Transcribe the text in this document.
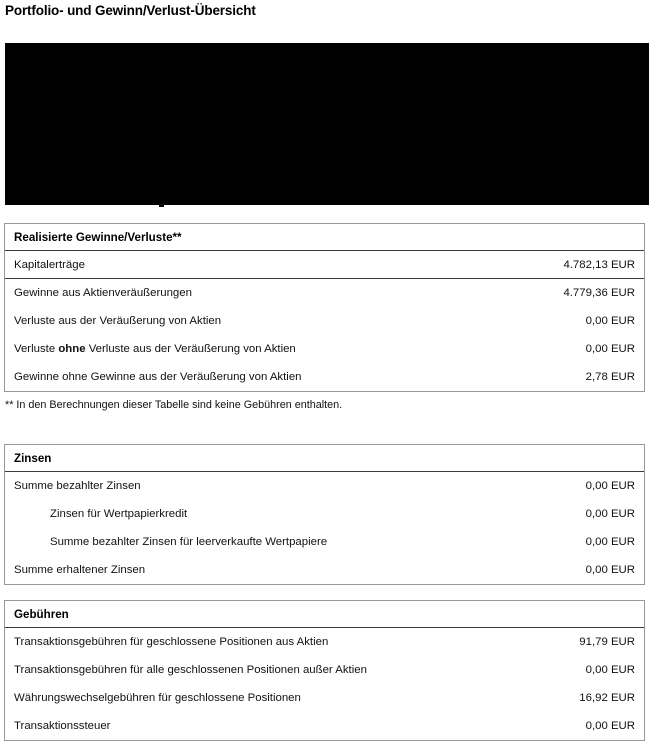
Portfolio- und Gewinn/Verlust-Übersicht
Realisierte Gewinne/Verluste**
Kapitalerträge	4.782,13 EUR
Gewinne aus Aktienveräußerungen	4.779,36 EUR
Verluste aus der Veräußerung von Aktien	0,00 EUR
Verluste ohne Verluste aus der Veräußerung von Aktien	0,00 EUR
Gewinne ohne Gewinne aus der Veräußerung von Aktien	2,78 EUR
** In den Berechnungen dieser Tabelle sind keine Gebühren enthalten.
Zinsen
Summe bezahlter Zinsen	0,00 EUR
Zinsen für Wertpapierkredit	0,00 EUR
Summe bezahlter Zinsen für leerverkaufte Wertpapiere	0,00 EUR
Summe erhaltener Zinsen	0,00 EUR
Gebühren
Transaktionsgebühren für geschlossene Positionen aus Aktien	91,79 EUR
Transaktionsgebühren für alle geschlossenen Positionen außer Aktien	0,00 EUR
Währungswechselgebühren für geschlossene Positionen	16,92 EUR
Transaktionssteuer	0,00 EUR
